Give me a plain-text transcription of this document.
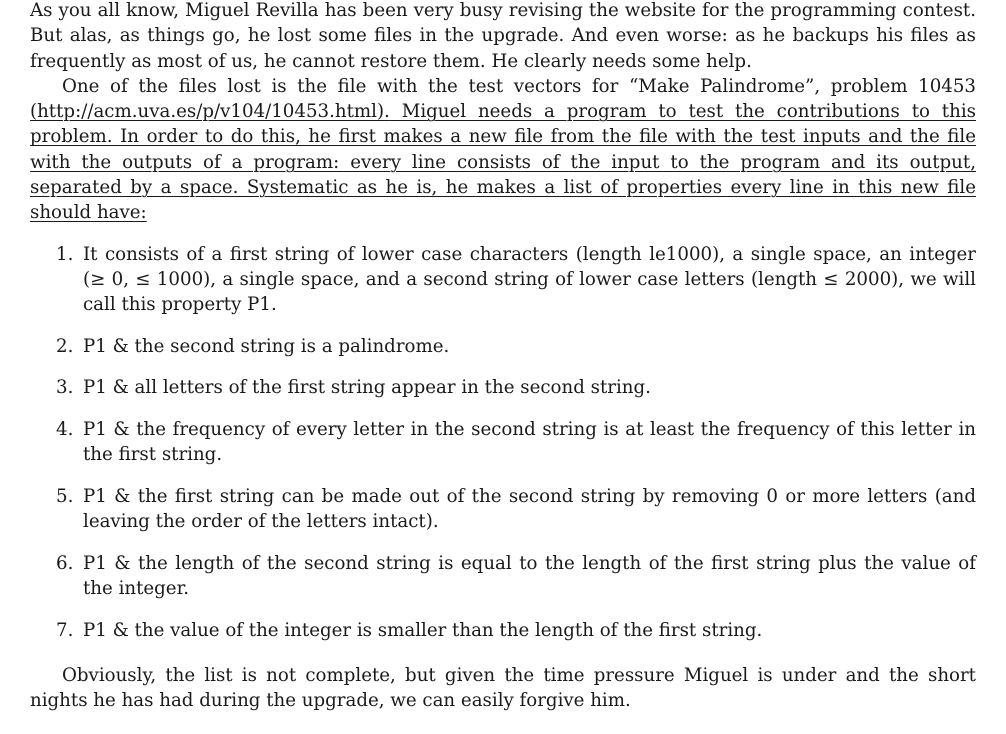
As you all know, Miguel Revilla has been very busy revising the website for the programming contest. But alas, as things go, he lost some files in the upgrade. And even worse: as he backups his files as frequently as most of us, he cannot restore them. He clearly needs some help.

One of the files lost is the file with the test vectors for “Make Palindrome”, problem 10453 (http://acm.uva.es/p/v104/10453.html). Miguel needs a program to test the contributions to this problem. In order to do this, he first makes a new file from the file with the test inputs and the file with the outputs of a program: every line consists of the input to the program and its output, separated by a space. Systematic as he is, he makes a list of properties every line in this new file should have:

1. It consists of a first string of lower case characters (length le1000), a single space, an integer (≥ 0, ≤ 1000), a single space, and a second string of lower case letters (length ≤ 2000), we will call this property P1.
2. P1 & the second string is a palindrome.
3. P1 & all letters of the first string appear in the second string.
4. P1 & the frequency of every letter in the second string is at least the frequency of this letter in the first string.
5. P1 & the first string can be made out of the second string by removing 0 or more letters (and leaving the order of the letters intact).
6. P1 & the length of the second string is equal to the length of the first string plus the value of the integer.
7. P1 & the value of the integer is smaller than the length of the first string.

Obviously, the list is not complete, but given the time pressure Miguel is under and the short nights he has had during the upgrade, we can easily forgive him.
